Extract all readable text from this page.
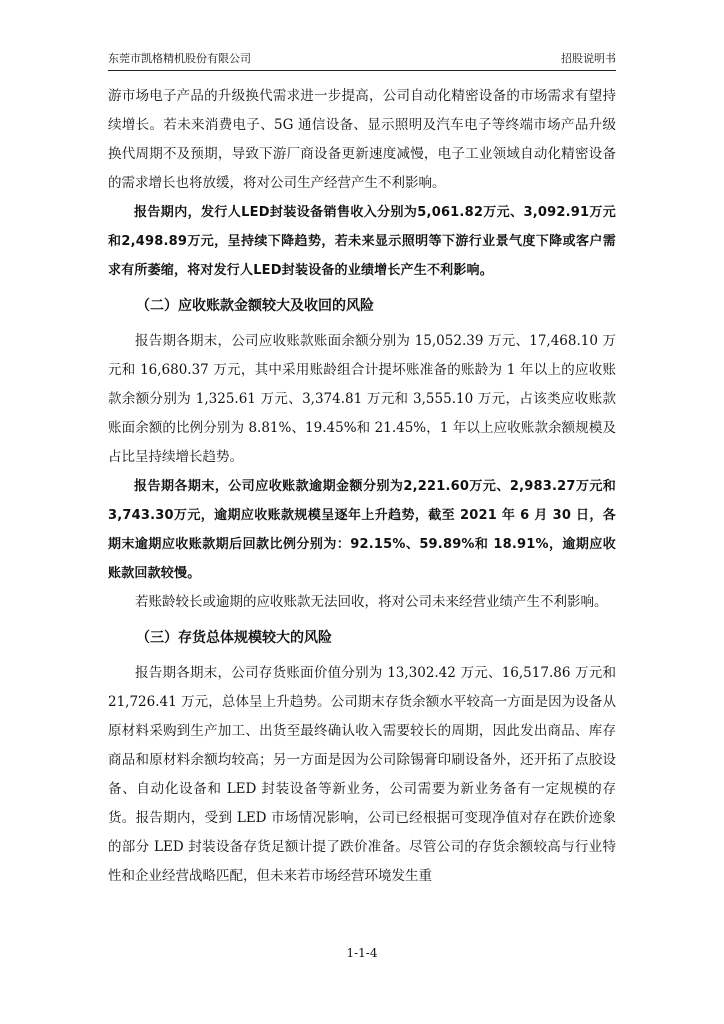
东莞市凯格精机股份有限公司	招股说明书

游市场电子产品的升级换代需求进一步提高，公司自动化精密设备的市场需求有望持续增长。若未来消费电子、5G 通信设备、显示照明及汽车电子等终端市场产品升级换代周期不及预期，导致下游厂商设备更新速度减慢，电子工业领域自动化精密设备的需求增长也将放缓，将对公司生产经营产生不利影响。

报告期内，发行人LED封装设备销售收入分别为5,061.82万元、3,092.91万元和2,498.89万元，呈持续下降趋势，若未来显示照明等下游行业景气度下降或客户需求有所萎缩，将对发行人LED封装设备的业绩增长产生不利影响。

（二）应收账款金额较大及收回的风险

报告期各期末，公司应收账款账面余额分别为 15,052.39 万元、17,468.10 万元和 16,680.37 万元，其中采用账龄组合计提坏账准备的账龄为 1 年以上的应收账款余额分别为 1,325.61 万元、3,374.81 万元和 3,555.10 万元，占该类应收账款账面余额的比例分别为 8.81%、19.45%和 21.45%，1 年以上应收账款余额规模及占比呈持续增长趋势。

报告期各期末，公司应收账款逾期金额分别为2,221.60万元、2,983.27万元和3,743.30万元，逾期应收账款规模呈逐年上升趋势，截至 2021 年 6 月 30 日，各期末逾期应收账款期后回款比例分别为：92.15%、59.89%和 18.91%，逾期应收账款回款较慢。

若账龄较长或逾期的应收账款无法回收，将对公司未来经营业绩产生不利影响。

（三）存货总体规模较大的风险

报告期各期末，公司存货账面价值分别为 13,302.42 万元、16,517.86 万元和 21,726.41 万元，总体呈上升趋势。公司期末存货余额水平较高一方面是因为设备从原材料采购到生产加工、出货至最终确认收入需要较长的周期，因此发出商品、库存商品和原材料余额均较高；另一方面是因为公司除锡膏印刷设备外，还开拓了点胶设备、自动化设备和 LED 封装设备等新业务，公司需要为新业务备有一定规模的存货。报告期内，受到 LED 市场情况影响，公司已经根据可变现净值对存在跌价迹象的部分 LED 封装设备存货足额计提了跌价准备。尽管公司的存货余额较高与行业特性和企业经营战略匹配，但未来若市场经营环境发生重

1-1-4
